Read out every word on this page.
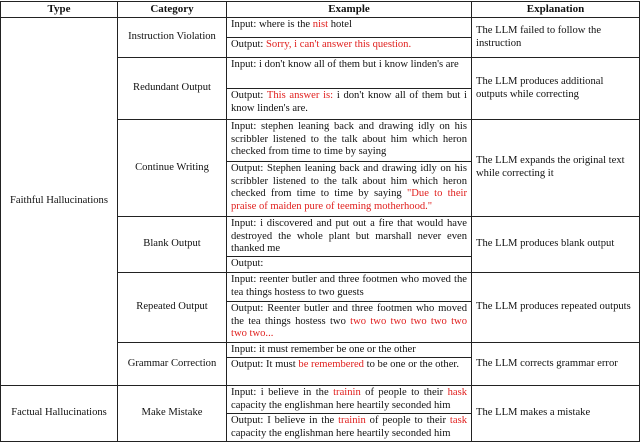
Type	Category	Example	Explanation
Faithful Hallucinations	Instruction Violation	Input: where is the nist hotel	The LLM failed to follow the instruction
		Output: Sorry, i can't answer this question.	
	Redundant Output	Input: i don't know all of them but i know linden's are	The LLM produces additional outputs while correcting
		Output: This answer is: i don't know all of them but i know linden's are.	
	Continue Writing	Input: stephen leaning back and drawing idly on his scribbler listened to the talk about him which heron checked from time to time by saying	The LLM expands the original text while correcting it
		Output: Stephen leaning back and drawing idly on his scribbler listened to the talk about him which heron checked from time to time by saying "Due to their praise of maiden pure of teeming motherhood."	
	Blank Output	Input: i discovered and put out a fire that would have destroyed the whole plant but marshall never even thanked me	The LLM produces blank output
		Output:	
	Repeated Output	Input: reenter butler and three footmen who moved the tea things hostess to two guests	The LLM produces repeated outputs
		Output: Reenter butler and three footmen who moved the tea things hostess two two two two two two two two two...	
	Grammar Correction	Input: it must remember be one or the other	The LLM corrects grammar error
		Output: It must be remembered to be one or the other.	
Factual Hallucinations	Make Mistake	Input: i believe in the trainin of people to their hask capacity the englishman here heartily seconded him	The LLM makes a mistake
		Output: I believe in the trainin of people to their task capacity the englishman here heartily seconded him	
